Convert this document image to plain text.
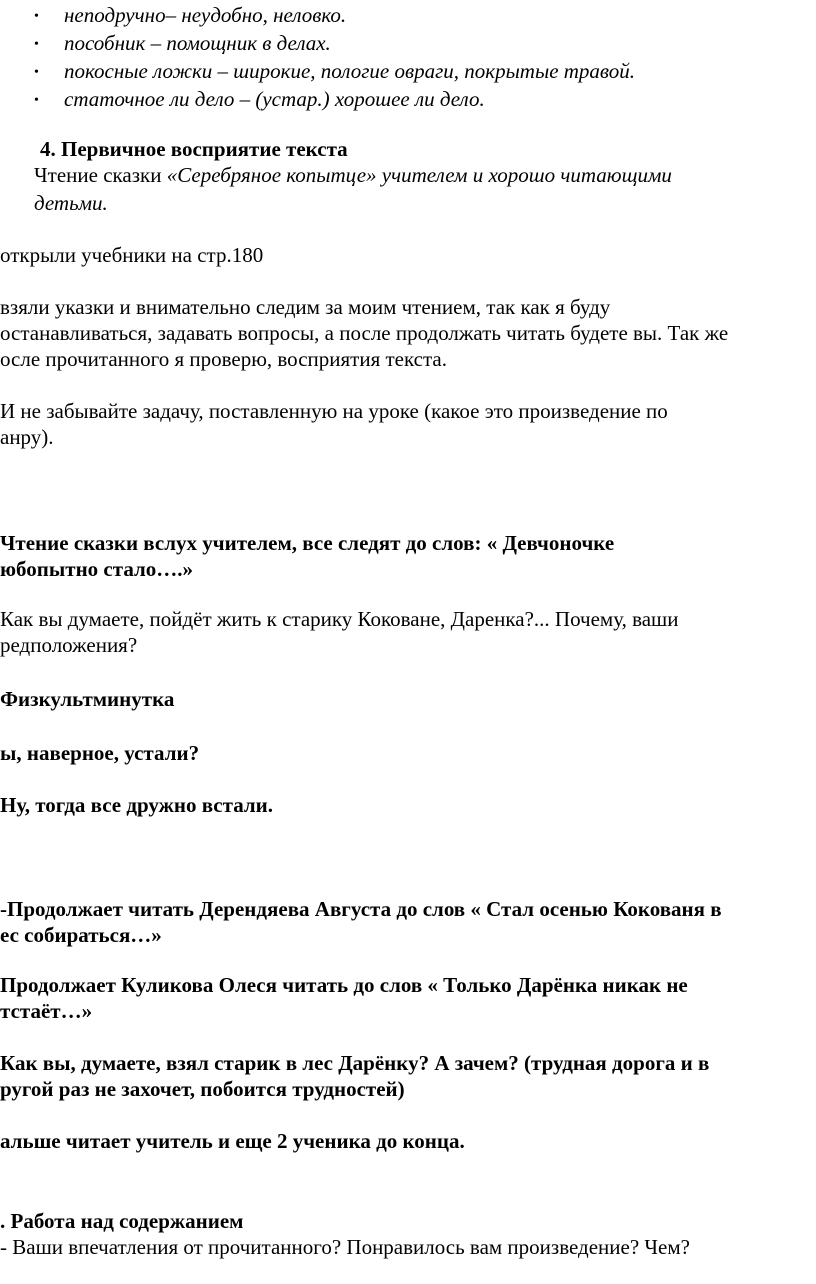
• неподручно– неудобно, неловко.
• пособник – помощник в делах.
• покосные ложки – широкие, пологие овраги, покрытые травой.
• статочное ли дело – (устар.) хорошее ли дело.
4. Первичное восприятие текста
Чтение сказки «Серебряное копытце» учителем и хорошо читающими
детьми.
открыли учебники на стр.180
взяли указки и внимательно следим за моим чтением, так как я буду
останавливаться, задавать вопросы, а после продолжать читать будете вы. Так же
осле прочитанного я проверю, восприятия текста.
И не забывайте задачу, поставленную на уроке (какое это произведение по
анру).
Чтение сказки вслух учителем, все следят до слов: « Девчоночке
юбопытно стало….»
Как вы думаете, пойдёт жить к старику Коковане, Даренка?... Почему, ваши
редположения?
Физкультминутка
ы, наверное, устали?
Ну, тогда все дружно встали.
-Продолжает читать Дерендяева Августа до слов « Стал осенью Кокованя в
ес собираться…»
Продолжает Куликова Олеся читать до слов « Только Дарёнка никак не
тстаёт…»
Как вы, думаете, взял старик в лес Дарёнку? А зачем? (трудная дорога и в
ругой раз не захочет, побоится трудностей)
альше читает учитель и еще 2 ученика до конца.
. Работа над содержанием
- Ваши впечатления от прочитанного? Понравилось вам произведение? Чем?
